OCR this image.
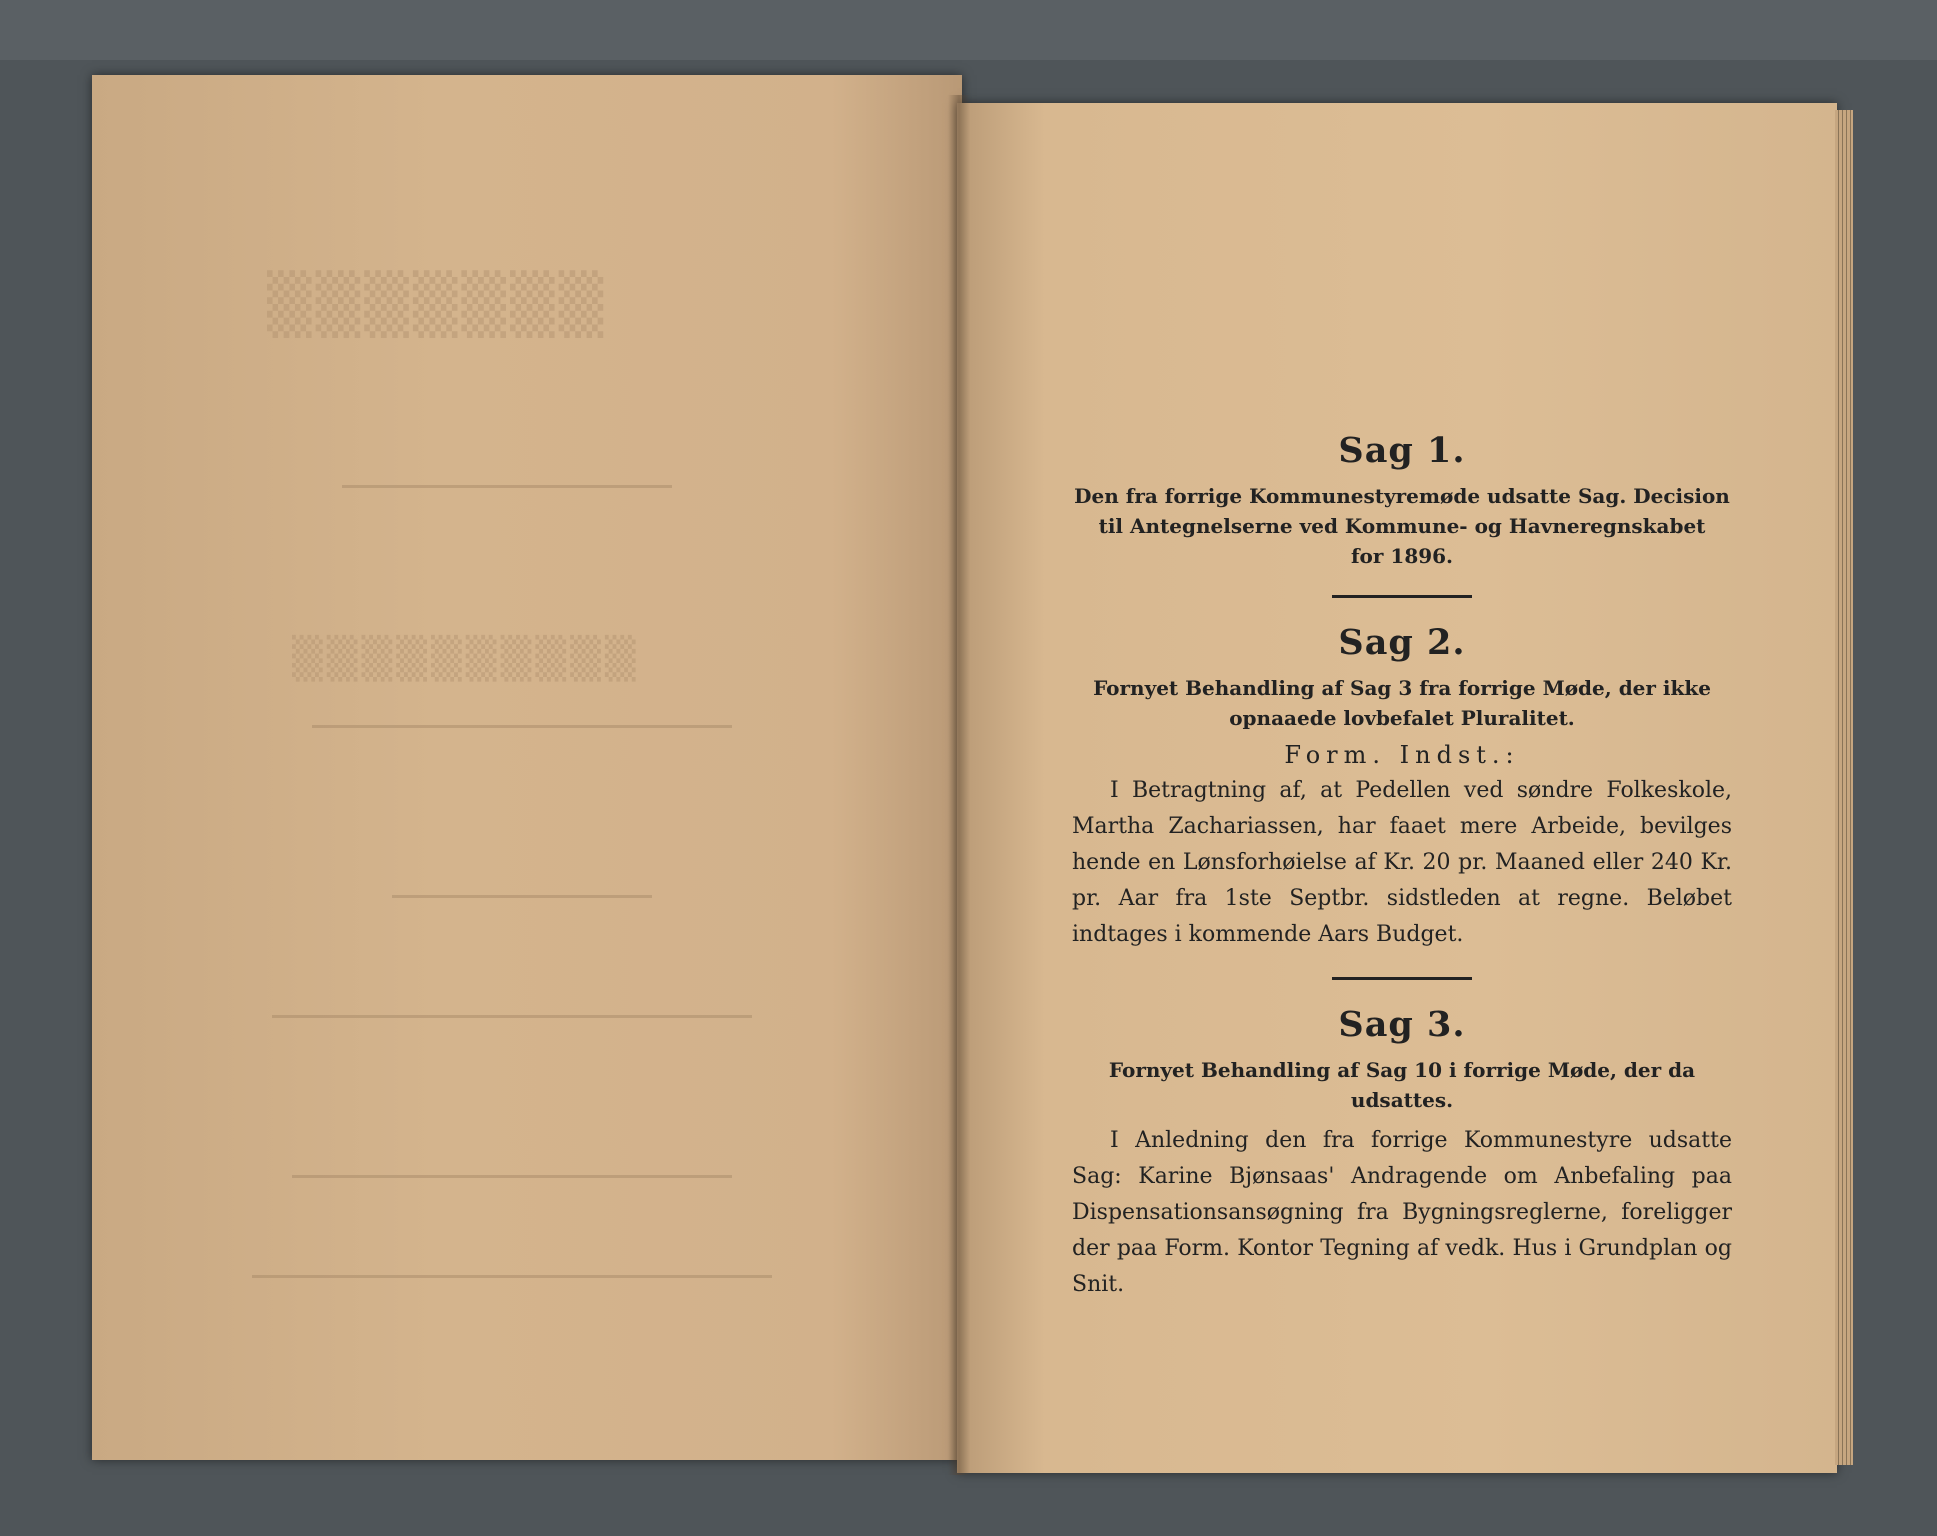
▒▒▒▒▒▒▒
▒▒▒▒▒▒▒▒▒▒
Sag 1.

Den fra forrige Kommunestyremøde udsatte Sag. Decision

til Antegnelserne ved Kommune- og Havneregnskabet

for 1896.

Sag 2.

Fornyet Behandling af Sag 3 fra forrige Møde, der ikke

opnaaede lovbefalet Pluralitet.

Form. Indst.:

I Betragtning af, at Pedellen ved søndre Folkeskole, Martha Zachariassen, har faaet mere Arbeide, bevilges hende en Lønsforhøielse af Kr. 20 pr. Maaned eller 240 Kr. pr. Aar fra 1ste Septbr. sidstleden at regne. Beløbet indtages i kommende Aars Budget.

Sag 3.

Fornyet Behandling af Sag 10 i forrige Møde, der da

udsattes.

I Anledning den fra forrige Kommunestyre udsatte Sag: Karine Bjønsaas' Andragende om Anbefaling paa Dispensationsansøgning fra Bygningsreglerne, foreligger der paa Form. Kontor Tegning af vedk. Hus i Grundplan og Snit.
